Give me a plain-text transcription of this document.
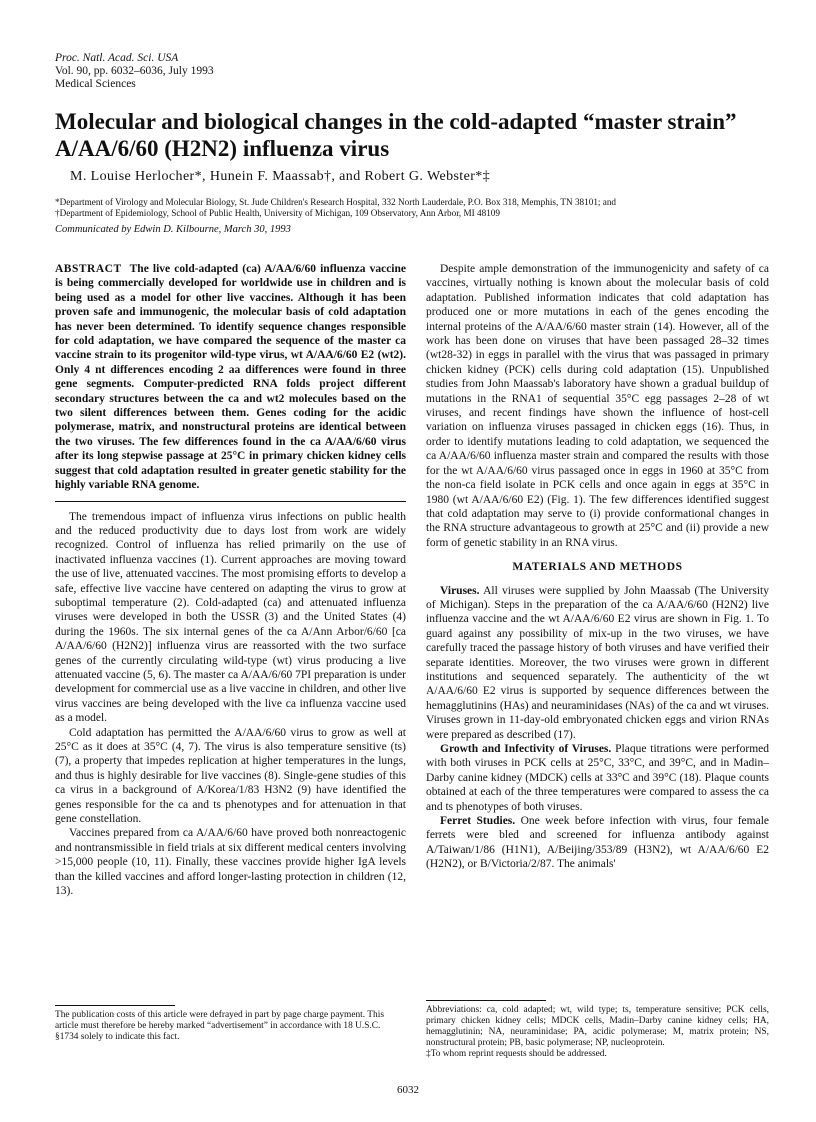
Proc. Natl. Acad. Sci. USA
Vol. 90, pp. 6032–6036, July 1993
Medical Sciences
Molecular and biological changes in the cold-adapted “master strain” A/AA/6/60 (H2N2) influenza virus
M. Louise Herlocher*, Hunein F. Maassab†, and Robert G. Webster*‡
*Department of Virology and Molecular Biology, St. Jude Children's Research Hospital, 332 North Lauderdale, P.O. Box 318, Memphis, TN 38101; and
†Department of Epidemiology, School of Public Health, University of Michigan, 109 Observatory, Ann Arbor, MI 48109
Communicated by Edwin D. Kilbourne, March 30, 1993

ABSTRACT The live cold-adapted (ca) A/AA/6/60 influenza vaccine is being commercially developed for worldwide use in children and is being used as a model for other live vaccines. Although it has been proven safe and immunogenic, the molecular basis of cold adaptation has never been determined. To identify sequence changes responsible for cold adaptation, we have compared the sequence of the master ca vaccine strain to its progenitor wild-type virus, wt A/AA/6/60 E2 (wt2). Only 4 nt differences encoding 2 aa differences were found in three gene segments. Computer-predicted RNA folds project different secondary structures between the ca and wt2 molecules based on the two silent differences between them. Genes coding for the acidic polymerase, matrix, and nonstructural proteins are identical between the two viruses. The few differences found in the ca A/AA/6/60 virus after its long stepwise passage at 25°C in primary chicken kidney cells suggest that cold adaptation resulted in greater genetic stability for the highly variable RNA genome.

The tremendous impact of influenza virus infections on public health and the reduced productivity due to days lost from work are widely recognized. Control of influenza has relied primarily on the use of inactivated influenza vaccines (1). Current approaches are moving toward the use of live, attenuated vaccines. The most promising efforts to develop a safe, effective live vaccine have centered on adapting the virus to grow at suboptimal temperature (2). Cold-adapted (ca) and attenuated influenza viruses were developed in both the USSR (3) and the United States (4) during the 1960s. The six internal genes of the ca A/Ann Arbor/6/60 [ca A/AA/6/60 (H2N2)] influenza virus are reassorted with the two surface genes of the currently circulating wild-type (wt) virus producing a live attenuated vaccine (5, 6). The master ca A/AA/6/60 7PI preparation is under development for commercial use as a live vaccine in children, and other live virus vaccines are being developed with the live ca influenza vaccine used as a model.

Cold adaptation has permitted the A/AA/6/60 virus to grow as well at 25°C as it does at 35°C (4, 7). The virus is also temperature sensitive (ts) (7), a property that impedes replication at higher temperatures in the lungs, and thus is highly desirable for live vaccines (8). Single-gene studies of this ca virus in a background of A/Korea/1/83 H3N2 (9) have identified the genes responsible for the ca and ts phenotypes and for attenuation in that gene constellation.

Vaccines prepared from ca A/AA/6/60 have proved both nonreactogenic and nontransmissible in field trials at six different medical centers involving >15,000 people (10, 11). Finally, these vaccines provide higher IgA levels than the killed vaccines and afford longer-lasting protection in children (12, 13).

The publication costs of this article were defrayed in part by page charge payment. This article must therefore be hereby marked “advertisement” in accordance with 18 U.S.C. §1734 solely to indicate this fact.

Despite ample demonstration of the immunogenicity and safety of ca vaccines, virtually nothing is known about the molecular basis of cold adaptation. Published information indicates that cold adaptation has produced one or more mutations in each of the genes encoding the internal proteins of the A/AA/6/60 master strain (14). However, all of the work has been done on viruses that have been passaged 28–32 times (wt28-32) in eggs in parallel with the virus that was passaged in primary chicken kidney (PCK) cells during cold adaptation (15). Unpublished studies from John Maassab's laboratory have shown a gradual buildup of mutations in the RNA1 of sequential 35°C egg passages 2–28 of wt viruses, and recent findings have shown the influence of host-cell variation on influenza viruses passaged in chicken eggs (16). Thus, in order to identify mutations leading to cold adaptation, we sequenced the ca A/AA/6/60 influenza master strain and compared the results with those for the wt A/AA/6/60 virus passaged once in eggs in 1960 at 35°C from the non-ca field isolate in PCK cells and once again in eggs at 35°C in 1980 (wt A/AA/6/60 E2) (Fig. 1). The few differences identified suggest that cold adaptation may serve to (i) provide conformational changes in the RNA structure advantageous to growth at 25°C and (ii) provide a new form of genetic stability in an RNA virus.

MATERIALS AND METHODS

Viruses. All viruses were supplied by John Maassab (The University of Michigan). Steps in the preparation of the ca A/AA/6/60 (H2N2) live influenza vaccine and the wt A/AA/6/60 E2 virus are shown in Fig. 1. To guard against any possibility of mix-up in the two viruses, we have carefully traced the passage history of both viruses and have verified their separate identities. Moreover, the two viruses were grown in different institutions and sequenced separately. The authenticity of the wt A/AA/6/60 E2 virus is supported by sequence differences between the hemagglutinins (HAs) and neuraminidases (NAs) of the ca and wt viruses. Viruses grown in 11-day-old embryonated chicken eggs and virion RNAs were prepared as described (17).

Growth and Infectivity of Viruses. Plaque titrations were performed with both viruses in PCK cells at 25°C, 33°C, and 39°C, and in Madin–Darby canine kidney (MDCK) cells at 33°C and 39°C (18). Plaque counts obtained at each of the three temperatures were compared to assess the ca and ts phenotypes of both viruses.

Ferret Studies. One week before infection with virus, four female ferrets were bled and screened for influenza antibody against A/Taiwan/1/86 (H1N1), A/Beijing/353/89 (H3N2), wt A/AA/6/60 E2 (H2N2), or B/Victoria/2/87. The animals'

Abbreviations: ca, cold adapted; wt, wild type; ts, temperature sensitive; PCK cells, primary chicken kidney cells; MDCK cells, Madin–Darby canine kidney cells; HA, hemagglutinin; NA, neuraminidase; PA, acidic polymerase; M, matrix protein; NS, nonstructural protein; PB, basic polymerase; NP, nucleoprotein.
‡To whom reprint requests should be addressed.
6032
